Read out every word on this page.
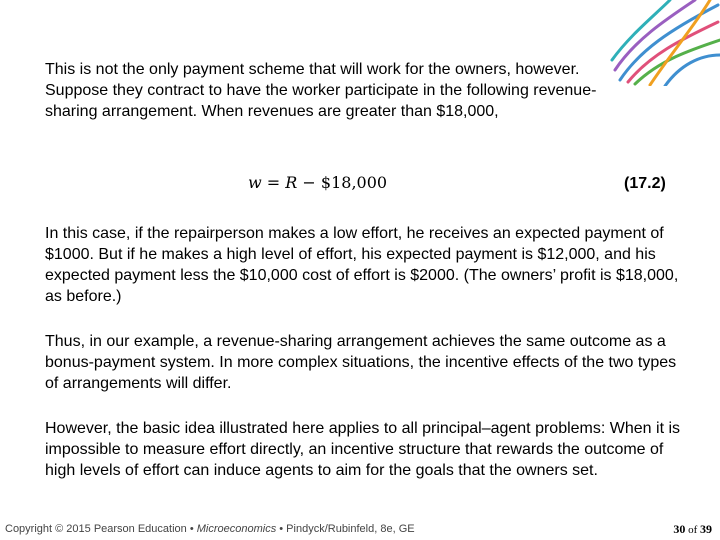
This is not the only payment scheme that will work for the owners, however. Suppose they contract to have the worker participate in the following revenue-sharing arrangement. When revenues are greater than $18,000,

w = R − $18,000	(17.2)

In this case, if the repairperson makes a low effort, he receives an expected payment of $1000. But if he makes a high level of effort, his expected payment is $12,000, and his expected payment less the $10,000 cost of effort is $2000. (The owners’ profit is $18,000, as before.)

Thus, in our example, a revenue-sharing arrangement achieves the same outcome as a bonus-payment system. In more complex situations, the incentive effects of the two types of arrangements will differ.

However, the basic idea illustrated here applies to all principal–agent problems: When it is impossible to measure effort directly, an incentive structure that rewards the outcome of high levels of effort can induce agents to aim for the goals that the owners set.

Copyright © 2015 Pearson Education • Microeconomics • Pindyck/Rubinfeld, 8e, GE	30 of 39
